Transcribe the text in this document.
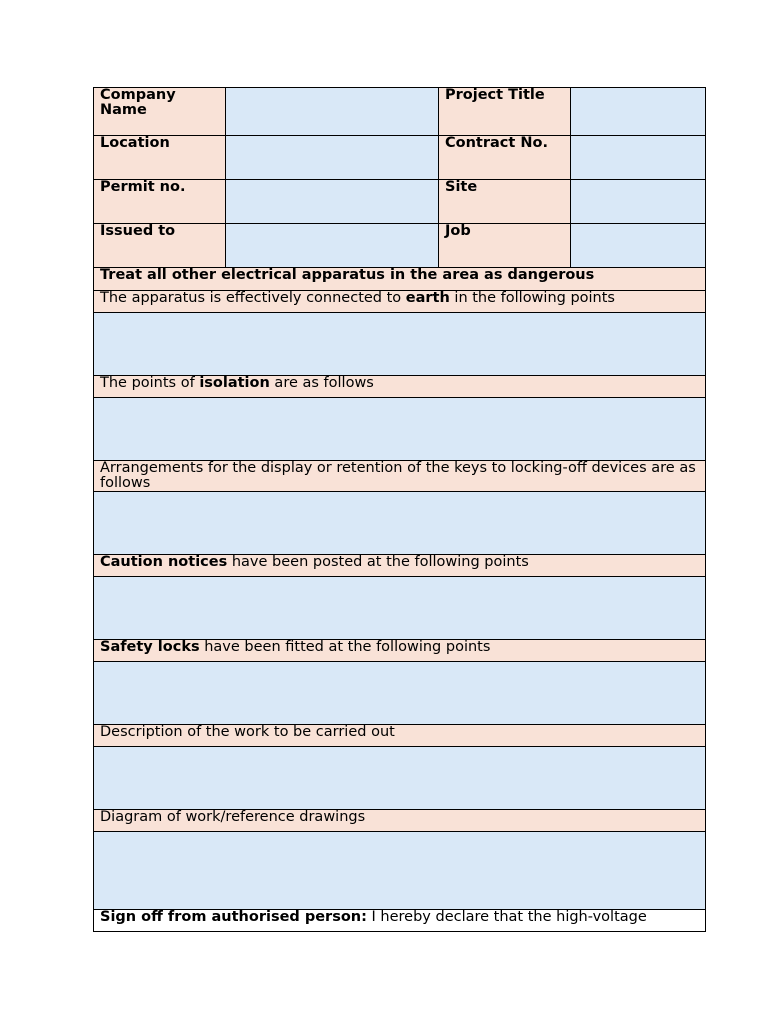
Company Name		Project Title	
Location		Contract No.	
Permit no.		Site	
Issued to		Job	
Treat all other electrical apparatus in the area as dangerous			
The apparatus is effectively connected to earth in the following points			

The points of isolation are as follows			

Arrangements for the display or retention of the keys to locking-off devices are as follows			

Caution notices have been posted at the following points			

Safety locks have been fitted at the following points			

Description of the work to be carried out			

Diagram of work/reference drawings			

Sign off from authorised person: I hereby declare that the high-voltage			
